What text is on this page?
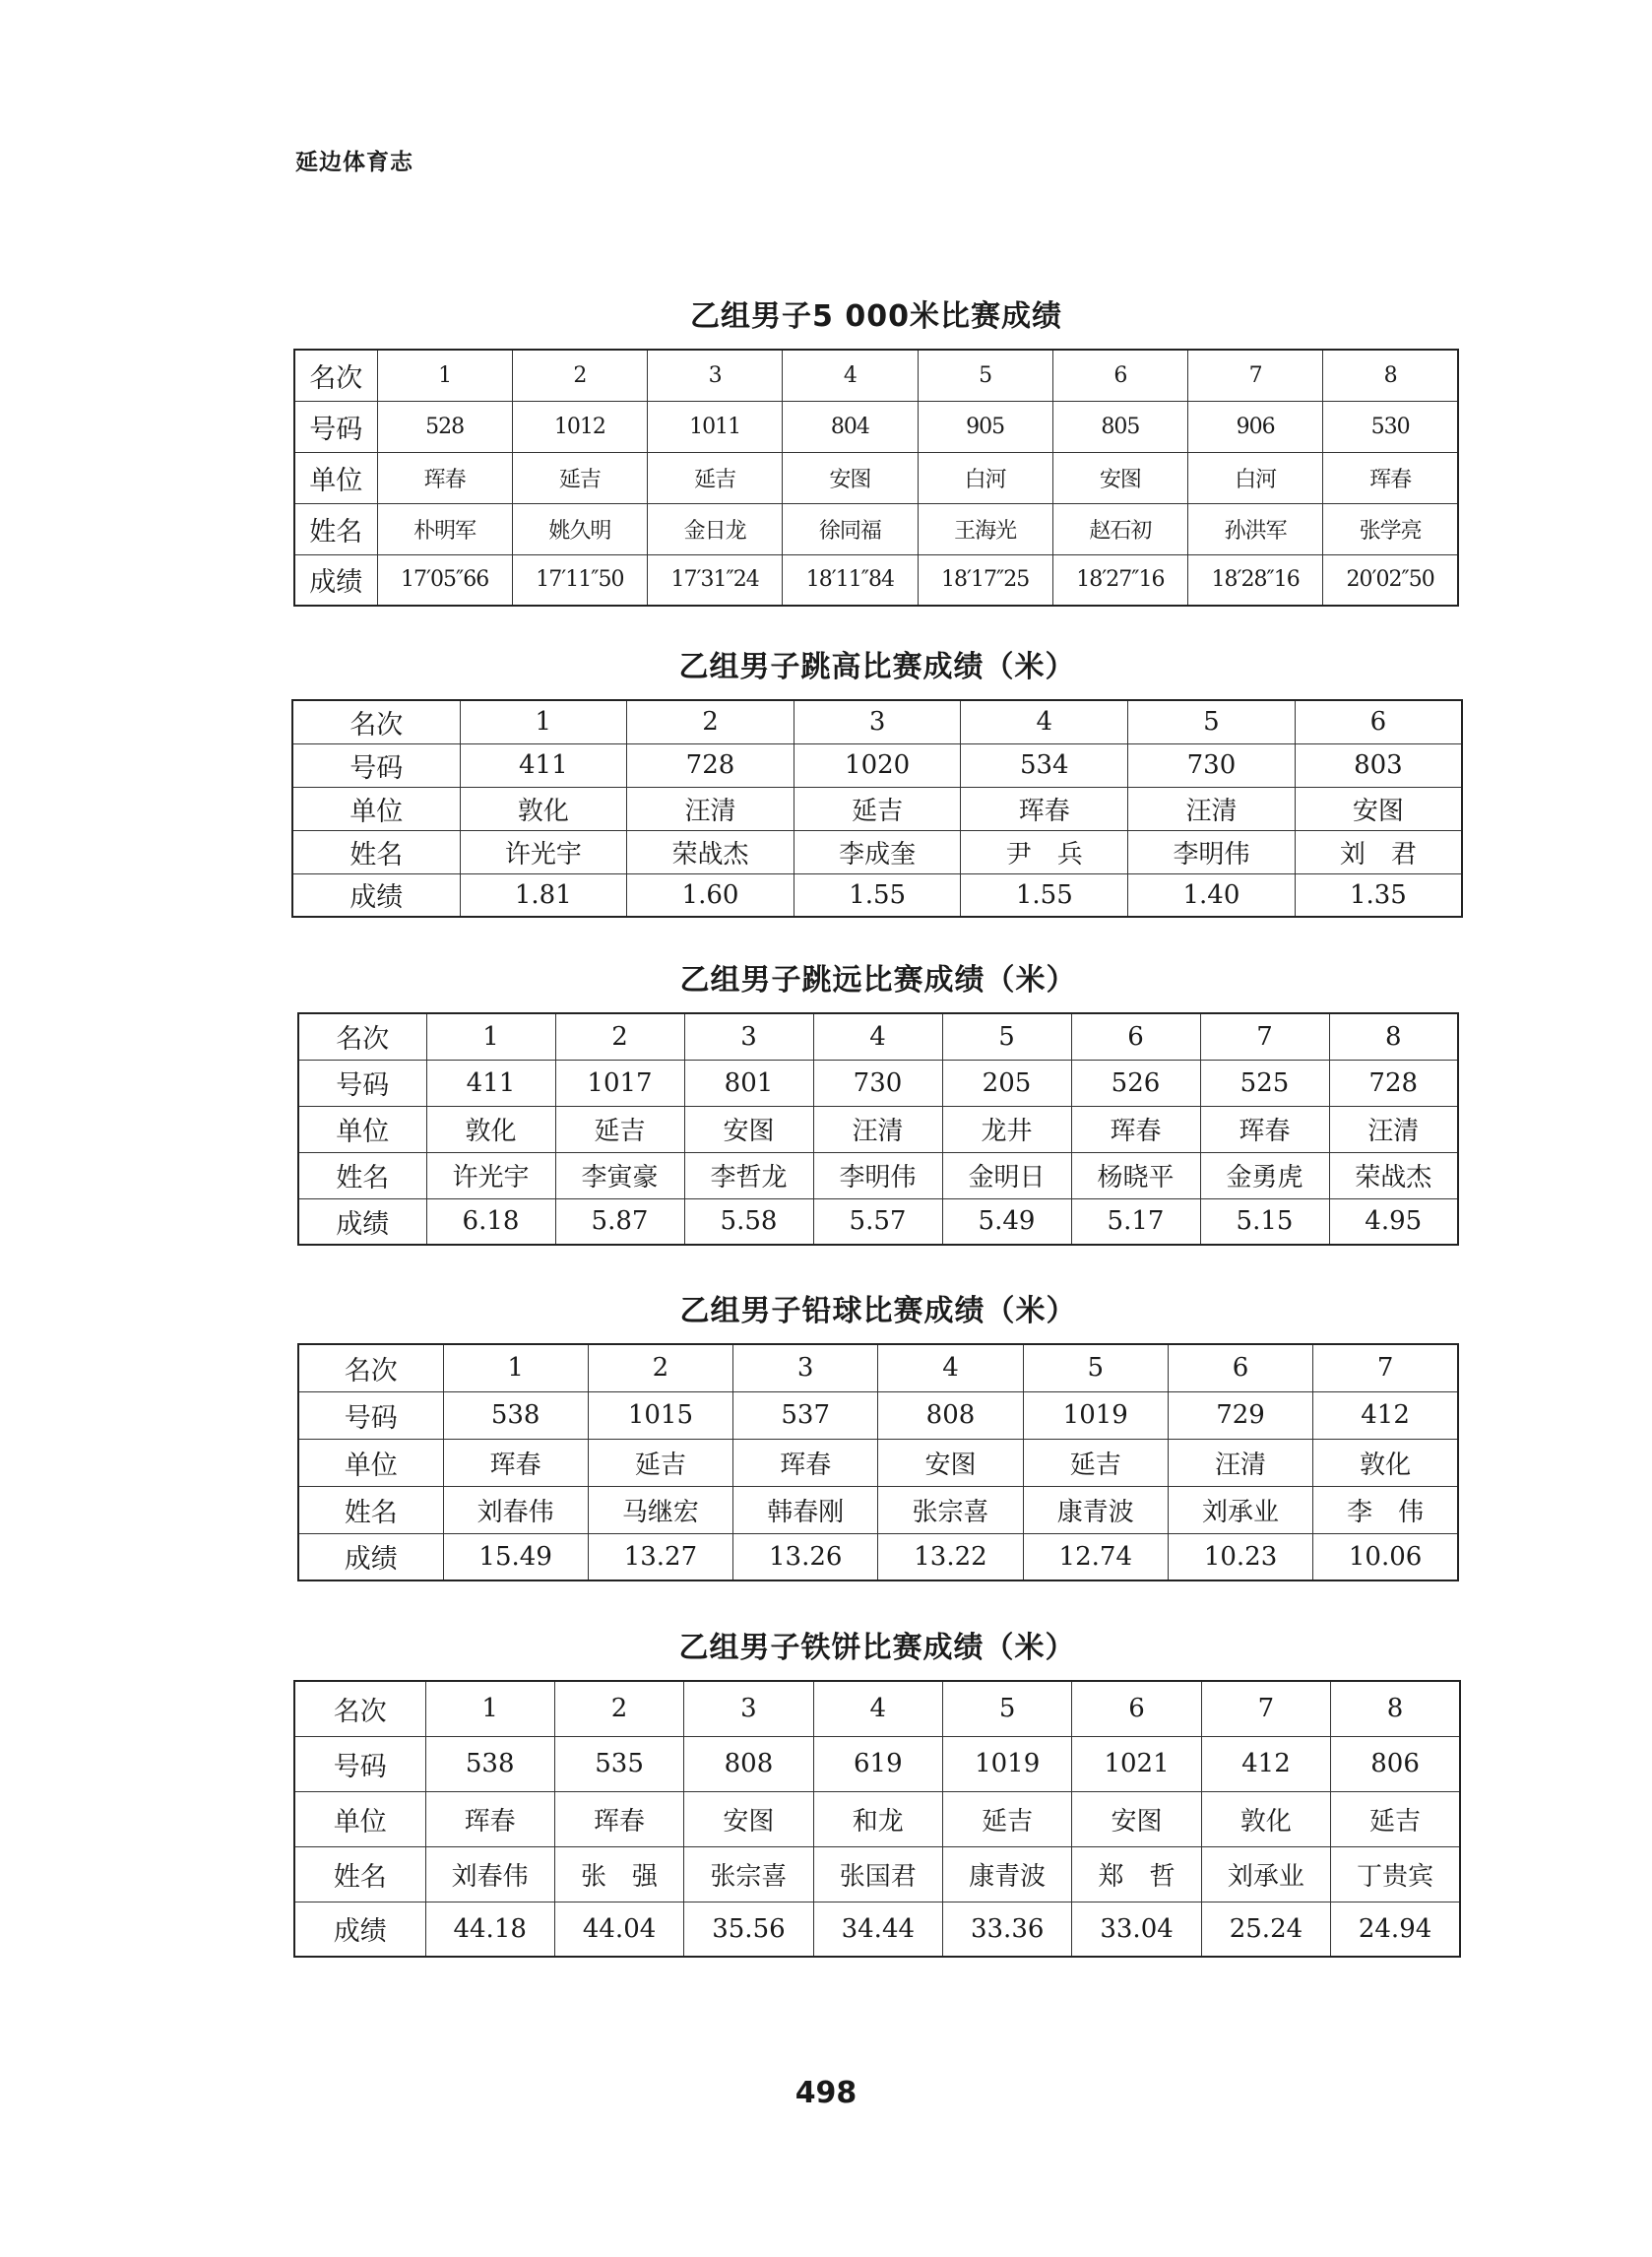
延边体育志
乙组男子5 000米比赛成绩
名次	1	2	3	4	5	6	7	8
号码	528	1012	1011	804	905	805	906	530
单位	珲春	延吉	延吉	安图	白河	安图	白河	珲春
姓名	朴明军	姚久明	金日龙	徐同福	王海光	赵石初	孙洪军	张学亮
成绩	17′05″66	17′11″50	17′31″24	18′11″84	18′17″25	18′27″16	18′28″16	20′02″50
乙组男子跳高比赛成绩（米）
名次	1	2	3	4	5	6
号码	411	728	1020	534	730	803
单位	敦化	汪清	延吉	珲春	汪清	安图
姓名	许光宇	荣战杰	李成奎	尹　兵	李明伟	刘　君
成绩	1.81	1.60	1.55	1.55	1.40	1.35
乙组男子跳远比赛成绩（米）
名次	1	2	3	4	5	6	7	8
号码	411	1017	801	730	205	526	525	728
单位	敦化	延吉	安图	汪清	龙井	珲春	珲春	汪清
姓名	许光宇	李寅豪	李哲龙	李明伟	金明日	杨晓平	金勇虎	荣战杰
成绩	6.18	5.87	5.58	5.57	5.49	5.17	5.15	4.95
乙组男子铅球比赛成绩（米）
名次	1	2	3	4	5	6	7
号码	538	1015	537	808	1019	729	412
单位	珲春	延吉	珲春	安图	延吉	汪清	敦化
姓名	刘春伟	马继宏	韩春刚	张宗喜	康青波	刘承业	李　伟
成绩	15.49	13.27	13.26	13.22	12.74	10.23	10.06
乙组男子铁饼比赛成绩（米）
名次	1	2	3	4	5	6	7	8
号码	538	535	808	619	1019	1021	412	806
单位	珲春	珲春	安图	和龙	延吉	安图	敦化	延吉
姓名	刘春伟	张　强	张宗喜	张国君	康青波	郑　哲	刘承业	丁贵宾
成绩	44.18	44.04	35.56	34.44	33.36	33.04	25.24	24.94
498
